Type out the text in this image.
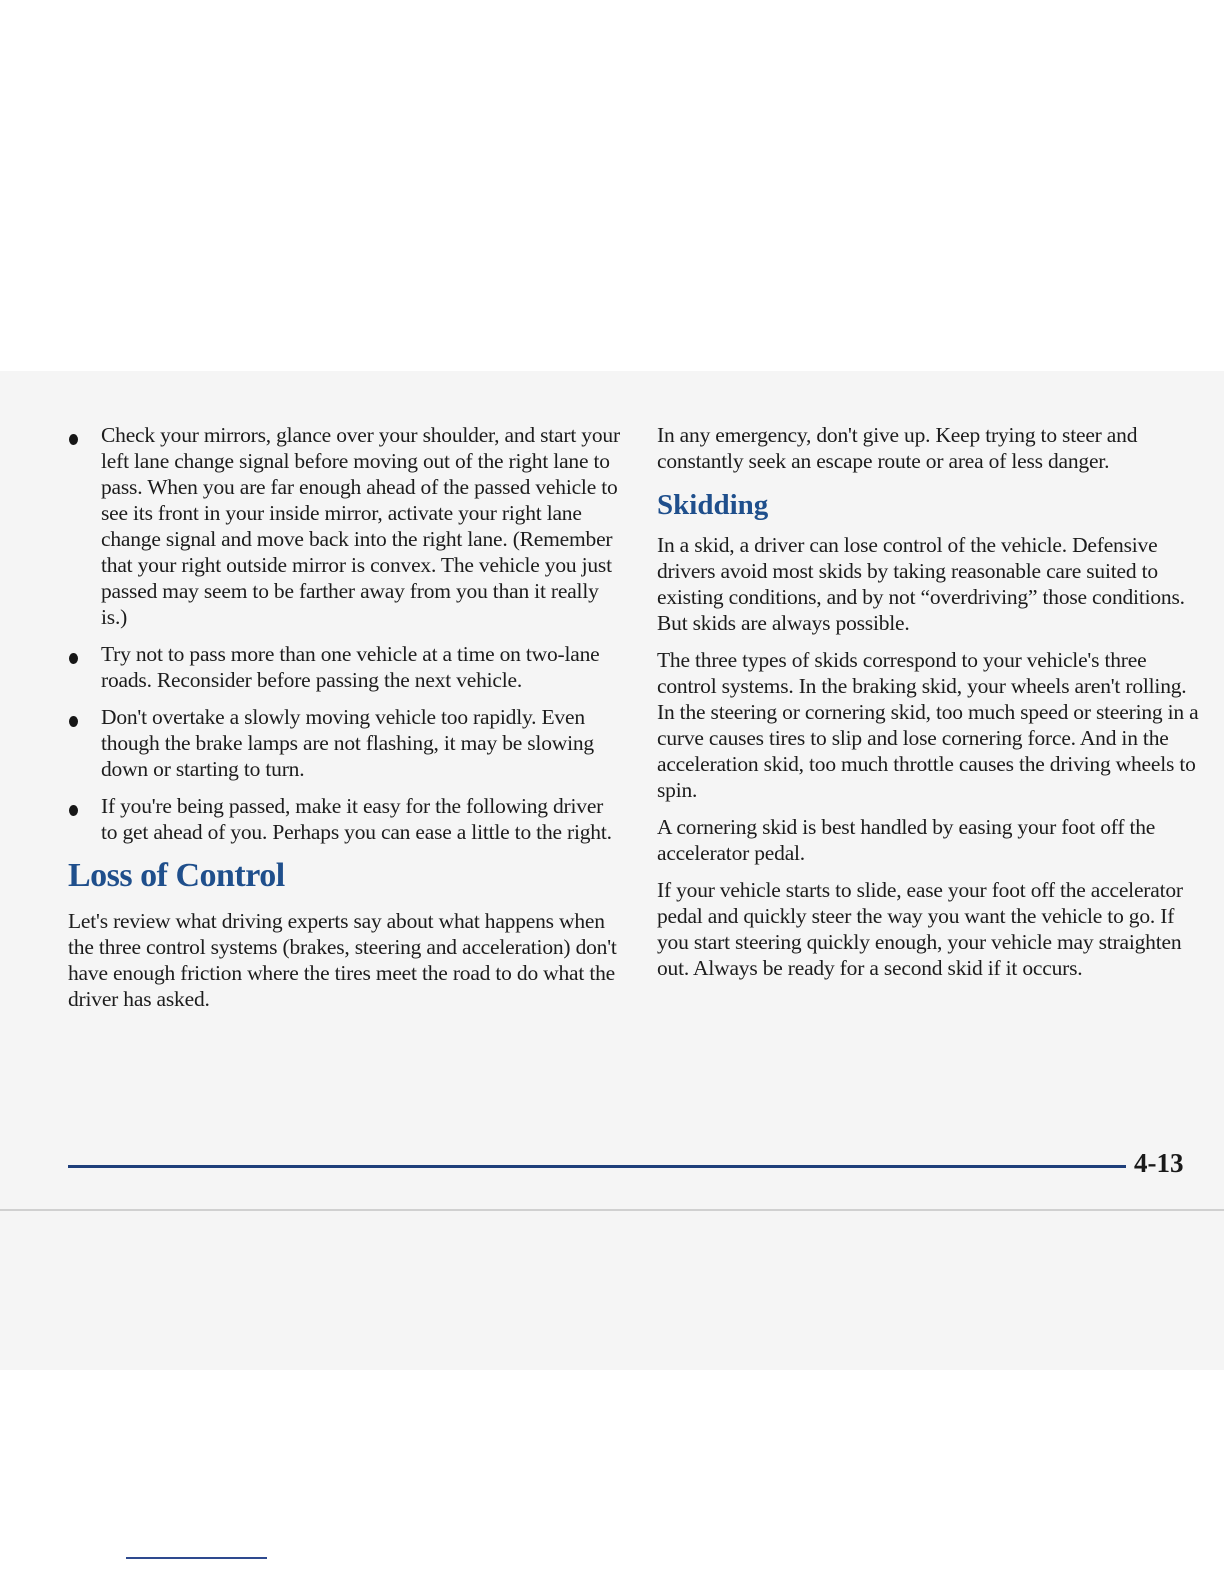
Check your mirrors, glance over your shoulder, and start your left lane change signal before moving out of the right lane to pass. When you are far enough ahead of the passed vehicle to see its front in your inside mirror, activate your right lane change signal and move back into the right lane. (Remember that your right outside mirror is convex. The vehicle you just passed may seem to be farther away from you than it really is.)
Try not to pass more than one vehicle at a time on two-lane roads. Reconsider before passing the next vehicle.
Don't overtake a slowly moving vehicle too rapidly. Even though the brake lamps are not flashing, it may be slowing down or starting to turn.
If you're being passed, make it easy for the following driver to get ahead of you. Perhaps you can ease a little to the right.
Loss of Control

Let's review what driving experts say about what happens when the three control systems (brakes, steering and acceleration) don't have enough friction where the tires meet the road to do what the driver has asked.

In any emergency, don't give up. Keep trying to steer and constantly seek an escape route or area of less danger.

Skidding

In a skid, a driver can lose control of the vehicle. Defensive drivers avoid most skids by taking reasonable care suited to existing conditions, and by not “overdriving” those conditions. But skids are always possible.

The three types of skids correspond to your vehicle's three control systems. In the braking skid, your wheels aren't rolling. In the steering or cornering skid, too much speed or steering in a curve causes tires to slip and lose cornering force. And in the acceleration skid, too much throttle causes the driving wheels to spin.

A cornering skid is best handled by easing your foot off the accelerator pedal.

If your vehicle starts to slide, ease your foot off the accelerator pedal and quickly steer the way you want the vehicle to go. If you start steering quickly enough, your vehicle may straighten out. Always be ready for a second skid if it occurs.

4-13
